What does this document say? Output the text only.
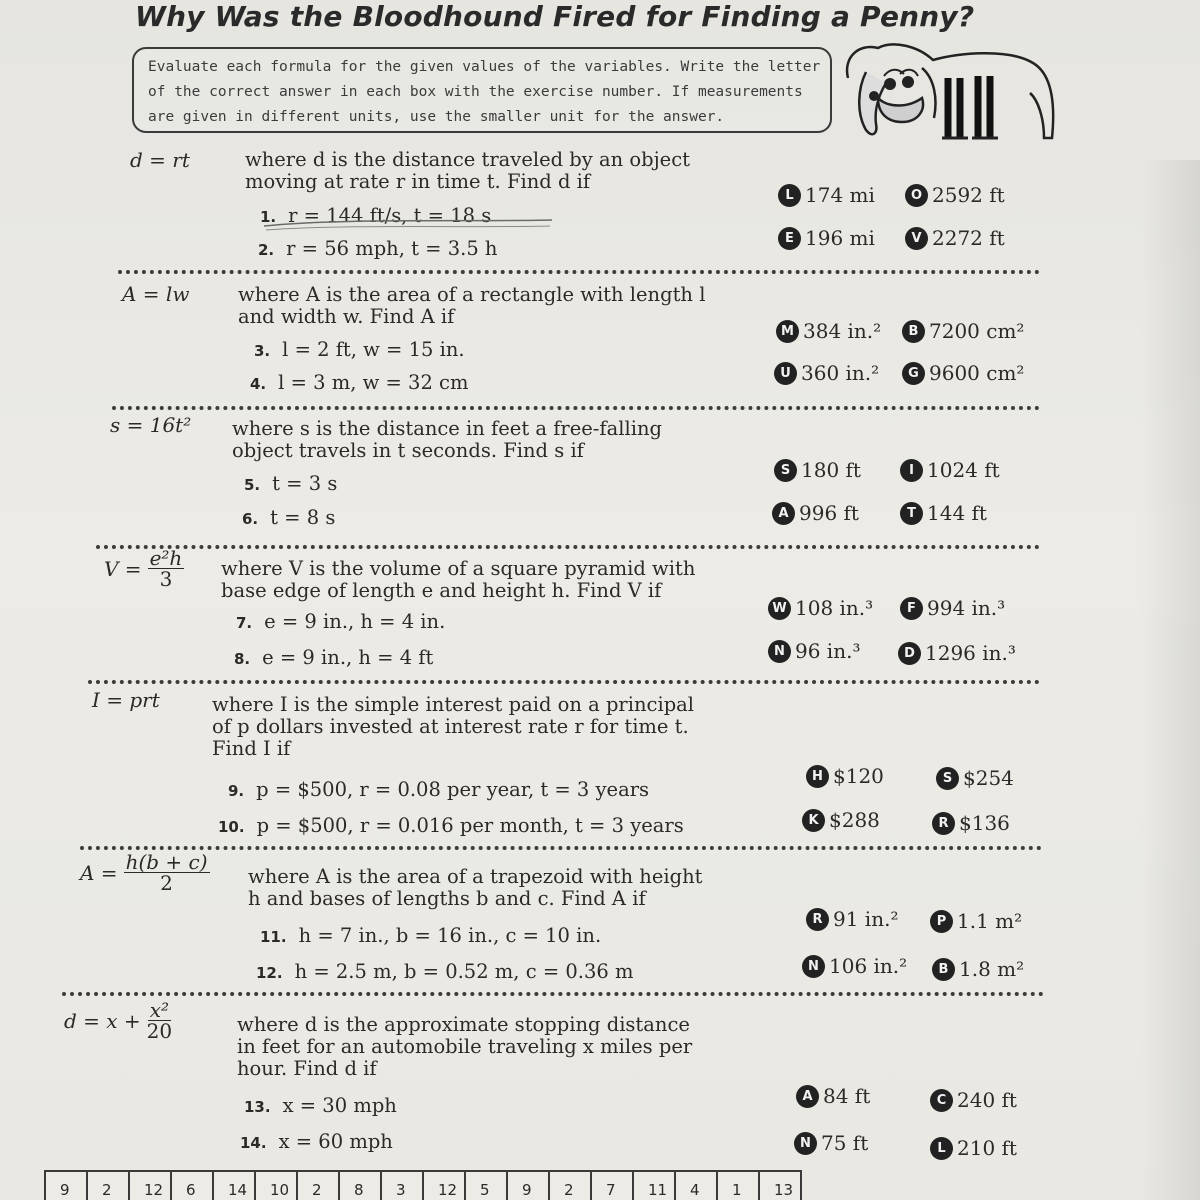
Why Was the Bloodhound Fired for Finding a Penny?
Evaluate each formula for the given values of the variables. Write the letter
of the correct answer in each box with the exercise number. If measurements
are given in different units, use the smaller unit for the answer.
d = rt	where d is the distance traveled by an object
moving at rate r in time t. Find d if
1. r = 144 ft/s, t = 18 s
2. r = 56 mph, t = 3.5 h
L 174 mi	O 2592 ft
E 196 mi	V 2272 ft
A = lw where A is the area of a rectangle with length l
and width w. Find A if
3. l = 2 ft, w = 15 in.
4. l = 3 m, w = 32 cm
M 384 in.²	B 7200 cm²
U 360 in.²	G 9600 cm²
s = 16t² where s is the distance in feet a free-falling
object travels in t seconds. Find s if
5. t = 3 s
6. t = 8 s
S 180 ft	I 1024 ft
A 996 ft	T 144 ft
$V = \frac{\text{e²h}}{3}$ where V is the volume of a square pyramid with
base edge of length e and height h. Find V if
7. e = 9 in., h = 4 in.
8. e = 9 in., h = 4 ft
W 108 in.³	F 994 in.³
N 96 in.³	D 1296 in.³
I = prt	where I is the simple interest paid on a principal
of p dollars invested at interest rate r for time t.
Find I if
9. p = $500, r = 0.08 per year, t = 3 years
10. p = $500, r = 0.016 per month, t = 3 years
H $120	S $254
K $288	R $136
$A = \frac{h(b + c)}{2}$ where A is the area of a trapezoid with height
h and bases of lengths b and c. Find A if
11. h = 7 in., b = 16 in., c = 10 in.
12. h = 2.5 m, b = 0.52 m, c = 0.36 m
R 91 in.²	P 1.1 m²
N 106 in.²	B 1.8 m²
$d = x + \frac{\text{x²}}{20}$	where d is the approximate stopping distance
in feet for an automobile traveling x miles per
hour. Find d if
13. x = 30 mph
14. x = 60 mph
A 84 ft	C 240 ft
N 75 ft	L 210 ft
9	2	12	6	14	10	2	8	3	12	5	9	2	7	11	4	1	13
